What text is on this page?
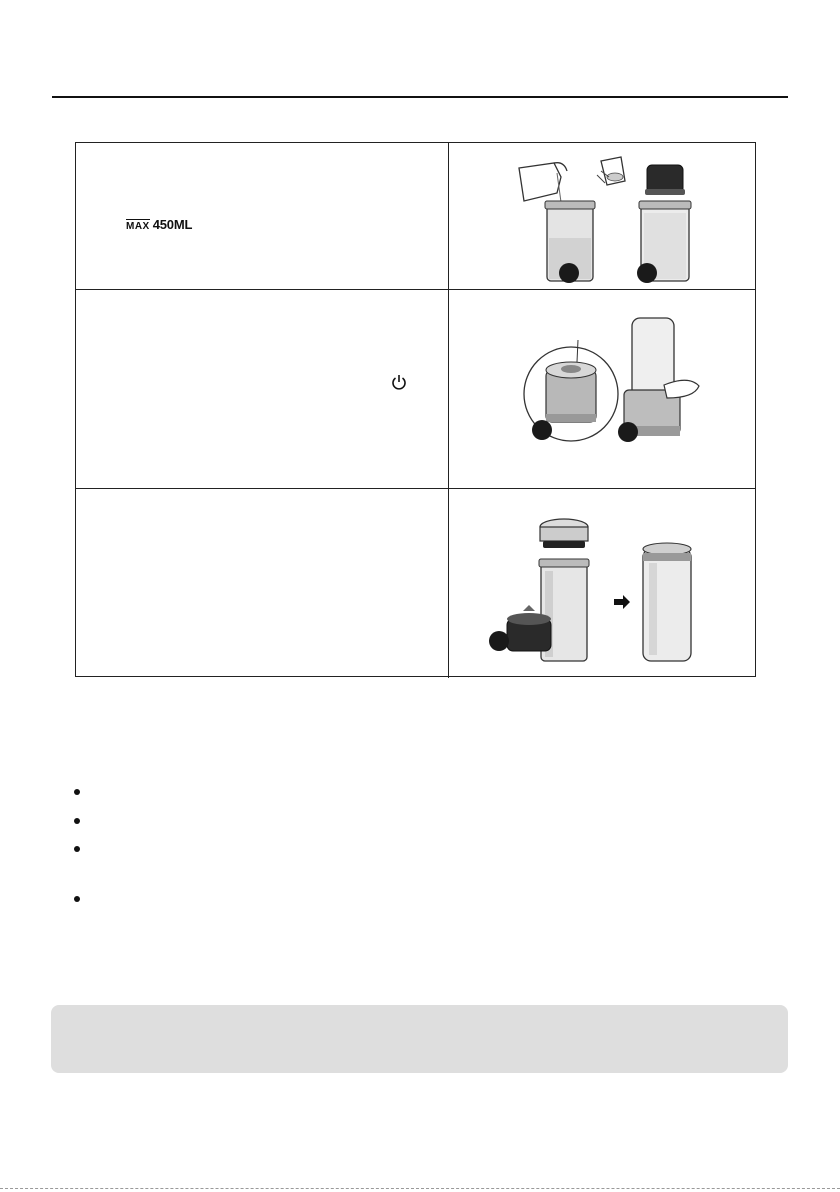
MAX 450ML
